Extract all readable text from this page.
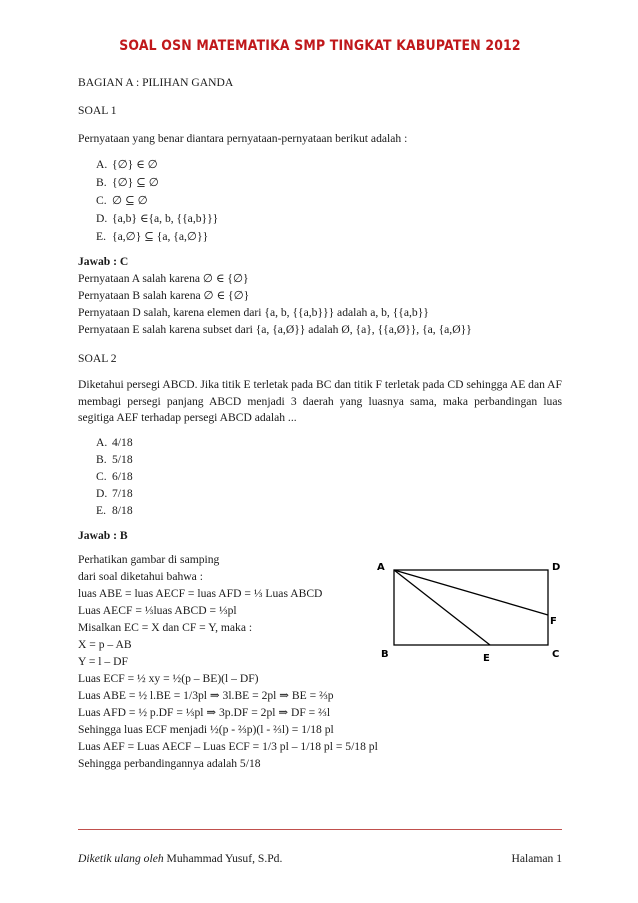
SOAL OSN MATEMATIKA SMP TINGKAT KABUPATEN 2012
BAGIAN A : PILIHAN GANDA
SOAL 1
Pernyataan yang benar diantara pernyataan-pernyataan berikut adalah :
A. {∅} ∈ ∅
B. {∅} ⊆ ∅
C. ∅ ⊆ ∅
D. {a,b} ∈{a, b, {{a,b}}}
E. {a,∅} ⊆ {a, {a,∅}}
Jawab : C
Pernyataan A salah karena ∅ ∈ {∅}
Pernyataan B salah karena ∅ ∈ {∅}
Pernyataan D salah, karena elemen dari {a, b, {{a,b}}} adalah a, b, {{a,b}}
Pernyataan E salah karena subset dari {a, {a,Ø}} adalah Ø, {a}, {{a,Ø}}, {a, {a,Ø}}
SOAL 2
Diketahui persegi ABCD. Jika titik E terletak pada BC dan titik F terletak pada CD sehingga AE dan AF membagi persegi panjang ABCD menjadi 3 daerah yang luasnya sama, maka perbandingan luas segitiga AEF terhadap persegi ABCD adalah ...
A. 4/18
B. 5/18
C. 6/18
D. 7/18
E. 8/18
Jawab : B
Perhatikan gambar di samping
dari soal diketahui bahwa :
luas ABE = luas AECF = luas AFD = ⅓ Luas ABCD
Luas AECF = ⅓luas ABCD = ⅓pl
Misalkan EC = X dan CF = Y, maka :
X = p – AB
Y = l – DF
Luas ECF = ½ xy = ½(p – BE)(l – DF)
Luas ABE = ½ l.BE = 1/3pl ⇒ 3l.BE = 2pl ⇒ BE = ⅔p
Luas AFD = ½ p.DF = ⅓pl ⇒ 3p.DF = 2pl ⇒ DF = ⅔l
Sehingga luas ECF menjadi ½(p - ⅔p)(l - ⅔l) = 1/18 pl
Luas AEF = Luas AECF – Luas ECF = 1/3 pl – 1/18 pl = 5/18 pl
Sehingga perbandingannya adalah 5/18
A	D
F
B	E	C
Diketik ulang oleh Muhammad Yusuf, S.Pd.	Halaman 1
